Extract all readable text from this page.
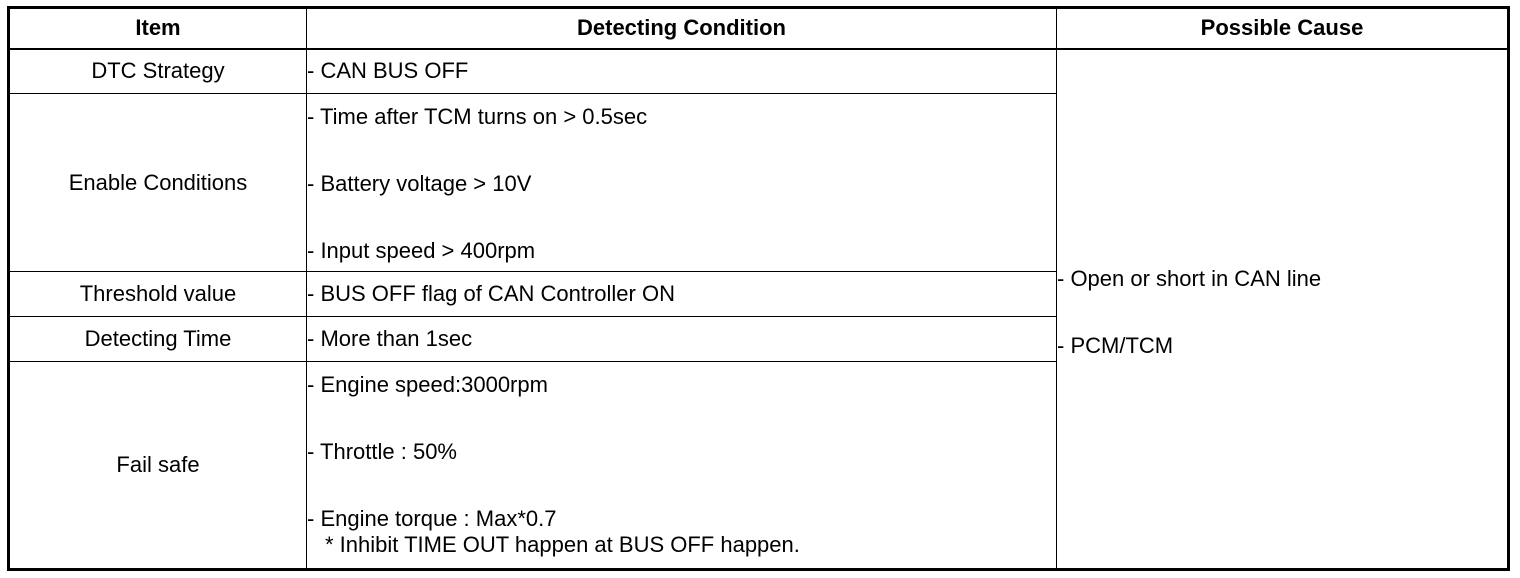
Item	Detecting Condition	Possible Cause
DTC Strategy	- CAN BUS OFF	- Open or short in CAN line
- PCM/TCM

Enable Conditions	- Time after TCM turns on > 0.5sec
- Battery voltage > 10V
- Input speed > 400rpm	

Threshold value	- BUS OFF flag of CAN Controller ON	

Detecting Time	- More than 1sec	

Fail safe	- Engine speed:3000rpm
- Throttle : 50%
- Engine torque : Max*0.7
* Inhibit TIME OUT happen at BUS OFF happen.	
